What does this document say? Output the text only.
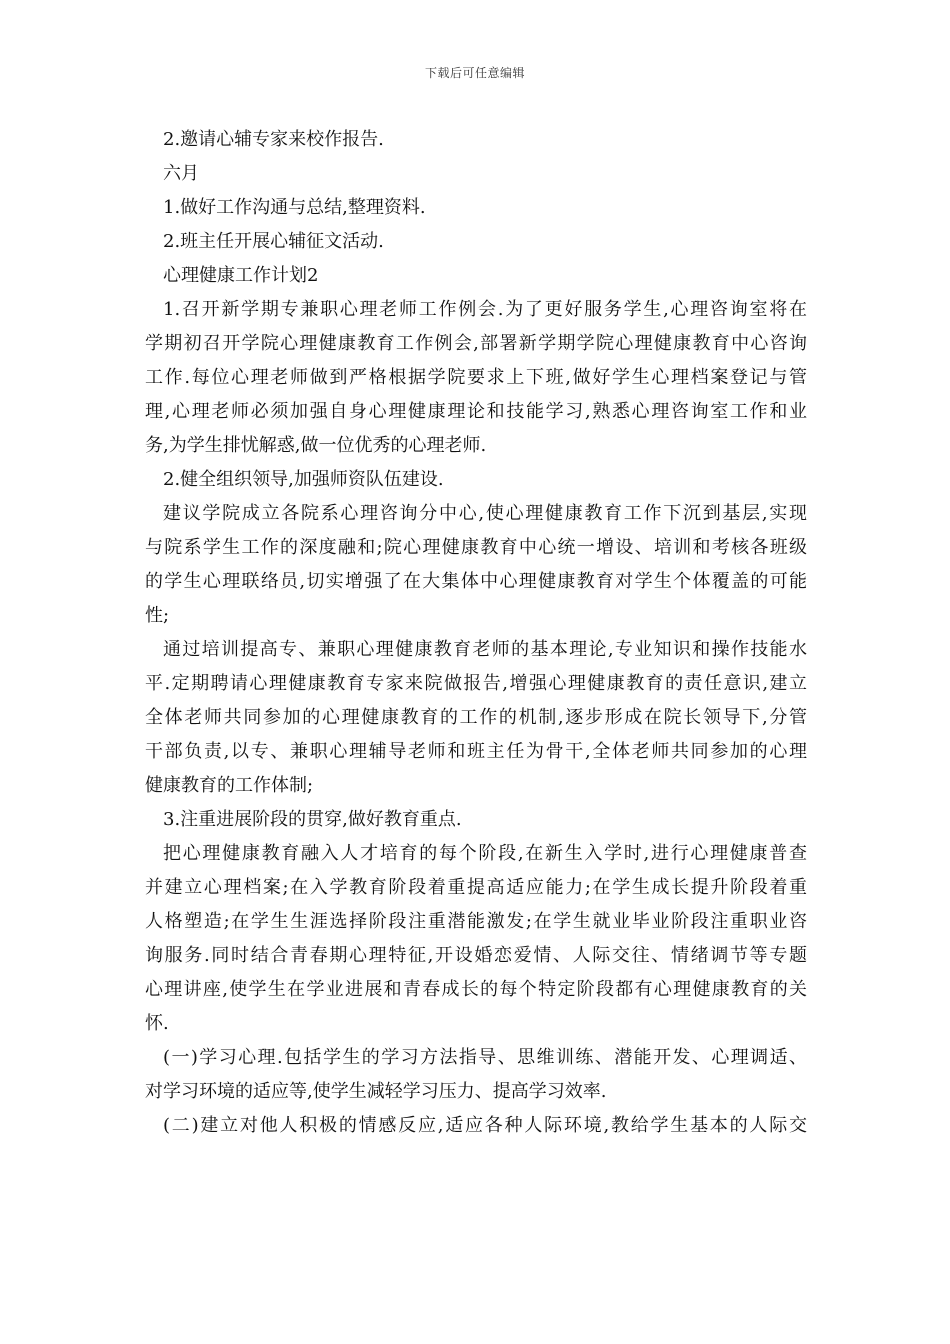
下载后可任意编辑

2.邀请心辅专家来校作报告.

六月

1.做好工作沟通与总结,整理资料.

2.班主任开展心辅征文活动.

心理健康工作计划2

1.召开新学期专兼职心理老师工作例会.为了更好服务学生,心理咨询室将在
学期初召开学院心理健康教育工作例会,部署新学期学院心理健康教育中心咨询
工作.每位心理老师做到严格根据学院要求上下班,做好学生心理档案登记与管
理,心理老师必须加强自身心理健康理论和技能学习,熟悉心理咨询室工作和业
务,为学生排忧解惑,做一位优秀的心理老师.

2.健全组织领导,加强师资队伍建设.

建议学院成立各院系心理咨询分中心,使心理健康教育工作下沉到基层,实现
与院系学生工作的深度融和;院心理健康教育中心统一增设、培训和考核各班级
的学生心理联络员,切实增强了在大集体中心理健康教育对学生个体覆盖的可能
性;

通过培训提高专、兼职心理健康教育老师的基本理论,专业知识和操作技能水
平.定期聘请心理健康教育专家来院做报告,增强心理健康教育的责任意识,建立
全体老师共同参加的心理健康教育的工作的机制,逐步形成在院长领导下,分管
干部负责,以专、兼职心理辅导老师和班主任为骨干,全体老师共同参加的心理
健康教育的工作体制;

3.注重进展阶段的贯穿,做好教育重点.

把心理健康教育融入人才培育的每个阶段,在新生入学时,进行心理健康普查
并建立心理档案;在入学教育阶段着重提高适应能力;在学生成长提升阶段着重
人格塑造;在学生生涯选择阶段注重潜能激发;在学生就业毕业阶段注重职业咨
询服务.同时结合青春期心理特征,开设婚恋爱情、人际交往、情绪调节等专题
心理讲座,使学生在学业进展和青春成长的每个特定阶段都有心理健康教育的关
怀.

(一)学习心理.包括学生的学习方法指导、思维训练、潜能开发、心理调适、
对学习环境的适应等,使学生减轻学习压力、提高学习效率.

(二)建立对他人积极的情感反应,适应各种人际环境,教给学生基本的人际交
